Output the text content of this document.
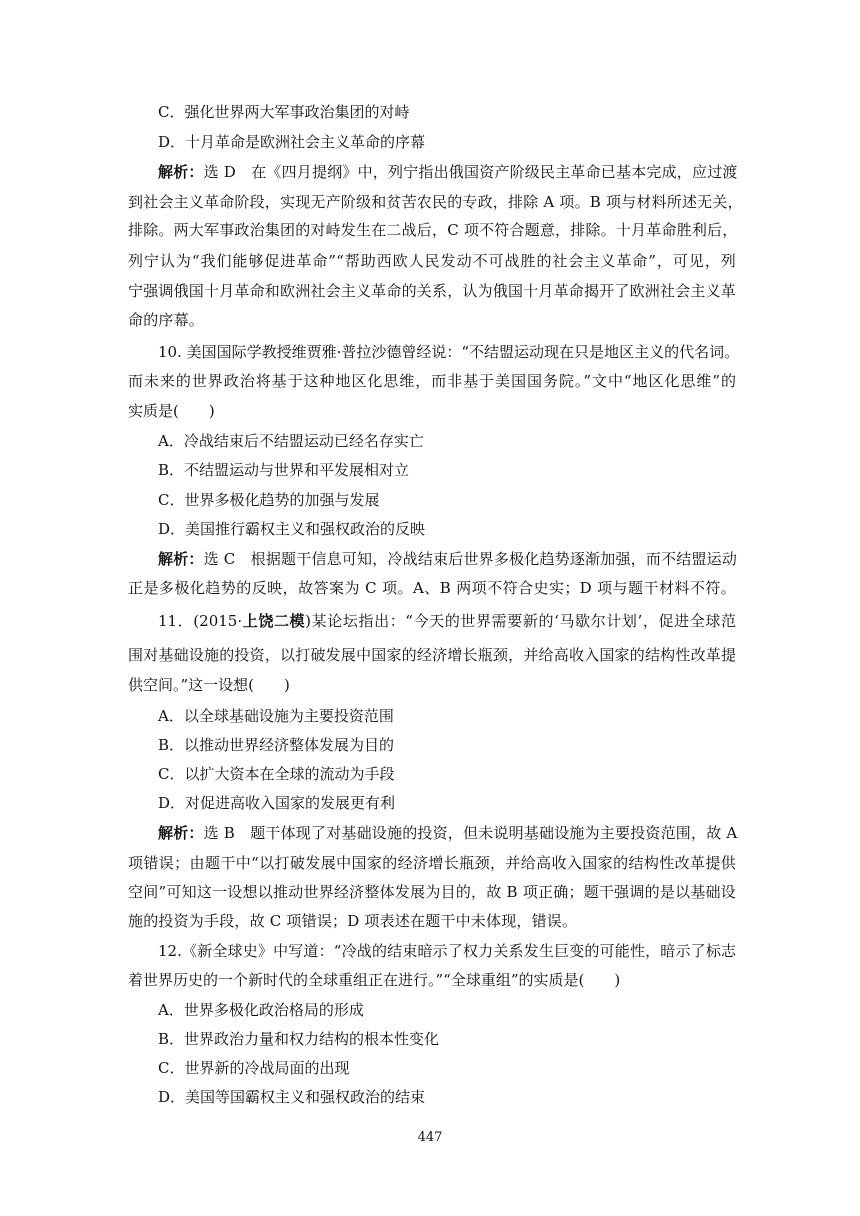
C．强化世界两大军事政治集团的对峙
D．十月革命是欧洲社会主义革命的序幕
解析：选 D　在《四月提纲》中，列宁指出俄国资产阶级民主革命已基本完成，应过渡
到社会主义革命阶段，实现无产阶级和贫苦农民的专政，排除 A 项。B 项与材料所述无关，
排除。两大军事政治集团的对峙发生在二战后，C 项不符合题意，排除。十月革命胜利后，
列宁认为“我们能够促进革命”“帮助西欧人民发动不可战胜的社会主义革命”，可见，列
宁强调俄国十月革命和欧洲社会主义革命的关系，认为俄国十月革命揭开了欧洲社会主义革
命的序幕。
10. 美国国际学教授维贾雅·普拉沙德曾经说：“不结盟运动现在只是地区主义的代名词。
而未来的世界政治将基于这种地区化思维，而非基于美国国务院。”文中“地区化思维”的
实质是(　　)
A．冷战结束后不结盟运动已经名存实亡
B．不结盟运动与世界和平发展相对立
C．世界多极化趋势的加强与发展
D．美国推行霸权主义和强权政治的反映
解析：选 C　根据题干信息可知，冷战结束后世界多极化趋势逐渐加强，而不结盟运动
正是多极化趋势的反映，故答案为 C 项。A、B 两项不符合史实；D 项与题干材料不符。
11．(2015·上饶二模)某论坛指出：“今天的世界需要新的‘马歇尔计划’，促进全球范
围对基础设施的投资，以打破发展中国家的经济增长瓶颈，并给高收入国家的结构性改革提
供空间。”这一设想(　　)
A．以全球基础设施为主要投资范围
B．以推动世界经济整体发展为目的
C．以扩大资本在全球的流动为手段
D．对促进高收入国家的发展更有利
解析：选 B　题干体现了对基础设施的投资，但未说明基础设施为主要投资范围，故 A
项错误；由题干中“以打破发展中国家的经济增长瓶颈，并给高收入国家的结构性改革提供
空间”可知这一设想以推动世界经济整体发展为目的，故 B 项正确；题干强调的是以基础设
施的投资为手段，故 C 项错误；D 项表述在题干中未体现，错误。
12.《新全球史》中写道：“冷战的结束暗示了权力关系发生巨变的可能性，暗示了标志
着世界历史的一个新时代的全球重组正在进行。”“全球重组”的实质是(　　)
A．世界多极化政治格局的形成
B．世界政治力量和权力结构的根本性变化
C．世界新的冷战局面的出现
D．美国等国霸权主义和强权政治的结束
447
